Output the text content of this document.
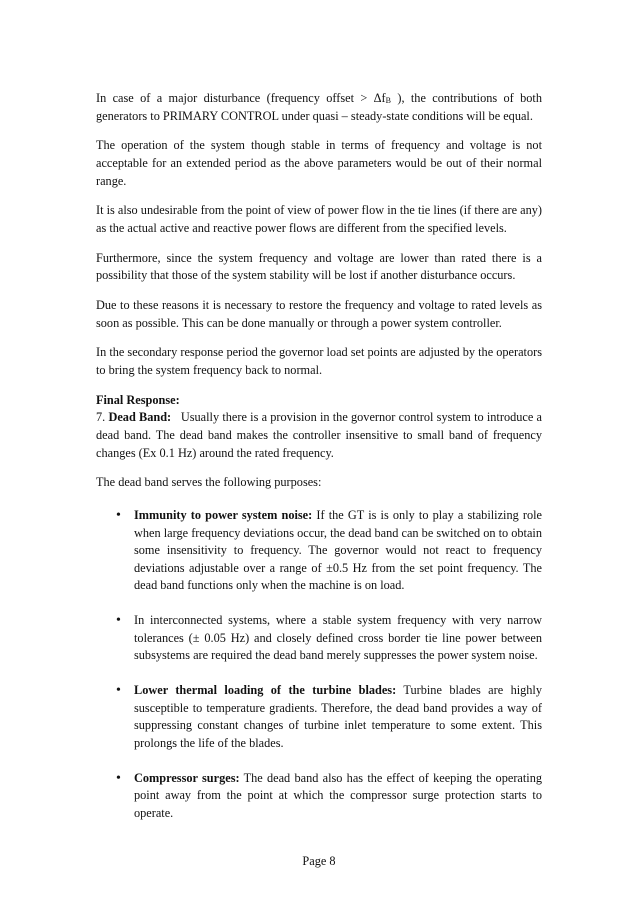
In case of a major disturbance (frequency offset > $\Delta f_B$ ), the contributions of both generators to PRIMARY CONTROL under quasi – steady-state conditions will be equal.

The operation of the system though stable in terms of frequency and voltage is not acceptable for an extended period as the above parameters would be out of their normal range.

It is also undesirable from the point of view of power flow in the tie lines (if there are any) as the actual active and reactive power flows are different from the specified levels.

Furthermore, since the system frequency and voltage are lower than rated there is a possibility that those of the system stability will be lost if another disturbance occurs.

Due to these reasons it is necessary to restore the frequency and voltage to rated levels as soon as possible. This can be done manually or through a power system controller.

In the secondary response period the governor load set points are adjusted by the operators to bring the system frequency back to normal.

Final Response:
7. Dead Band: Usually there is a provision in the governor control system to introduce a dead band. The dead band makes the controller insensitive to small band of frequency changes (Ex 0.1 Hz) around the rated frequency.

The dead band serves the following purposes:

• Immunity to power system noise: If the GT is is only to play a stabilizing role when large frequency deviations occur, the dead band can be switched on to obtain some insensitivity to frequency. The governor would not react to frequency deviations adjustable over a range of ±0.5 Hz from the set point frequency. The dead band functions only when the machine is on load.
• In interconnected systems, where a stable system frequency with very narrow tolerances (± 0.05 Hz) and closely defined cross border tie line power between subsystems are required the dead band merely suppresses the power system noise.
• Lower thermal loading of the turbine blades: Turbine blades are highly susceptible to temperature gradients. Therefore, the dead band provides a way of suppressing constant changes of turbine inlet temperature to some extent. This prolongs the life of the blades.
• Compressor surges: The dead band also has the effect of keeping the operating point away from the point at which the compressor surge protection starts to operate.
Page 8
